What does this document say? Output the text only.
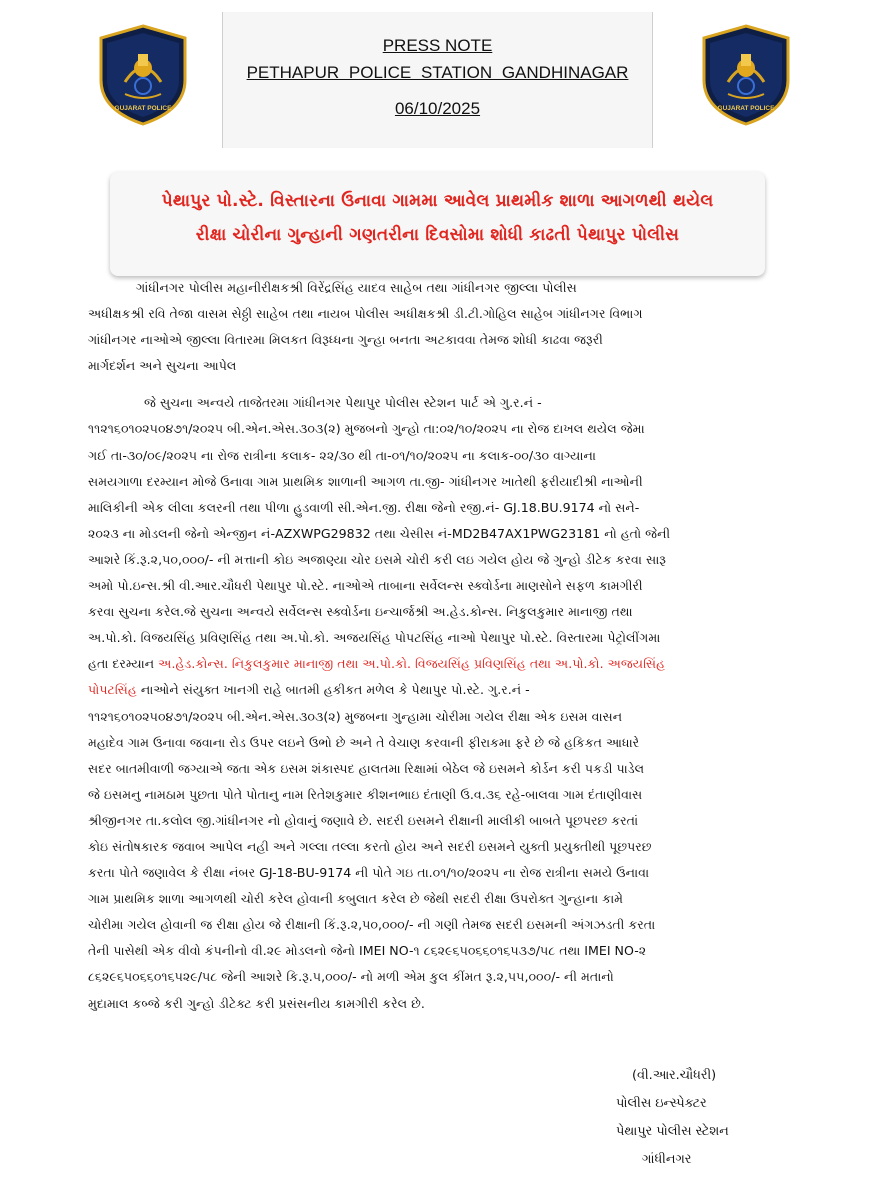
GUJARAT POLICE	GUJARAT POLICE
PRESS NOTE
PETHAPUR POLICE STATION GANDHINAGAR
06/10/2025
પેથાપુર પો.સ્ટે. વિસ્તારના ઉનાવા ગામમા આવેલ પ્રાથમીક શાળા આગળથી થયેલ
રીક્ષા ચોરીના ગુન્હાની ગણતરીના દિવસોમા શોધી કાઢતી પેથાપુર પોલીસ
ગાંધીનગર પોલીસ મહાનીરીક્ષકશ્રી વિરેંદ્રસિંહ યાદવ સાહેબ તથા ગાંધીનગર જીલ્લા પોલીસ
અધીક્ષકશ્રી રવિ તેજા વાસમ સેઠ્ઠી સાહેબ તથા નાયબ પોલીસ અધીક્ષકશ્રી ડી.ટી.ગોહિલ સાહેબ ગાંધીનગર વિભાગ
ગાંધીનગર નાઓએ જીલ્લા વિતારમા મિલકત વિરૂધ્ધના ગુન્હા બનતા અટકાવવા તેમજ શોધી કાઢવા જરૂરી
માર્ગદર્શન અને સુચના આપેલ
જે સુચના અન્વયે તાજેતરમા ગાંધીનગર પેથાપુર પોલીસ સ્ટેશન પાર્ટ એ ગુ.ર.નં -
૧૧૨૧૬૦૧૦૨૫૦૪૭૧/૨૦૨૫ બી.એન.એસ.૩૦૩(૨) મુજબનો ગુન્હો તા:૦૨/૧૦/૨૦૨૫ ના રોજ દાખલ થયેલ જેમા
ગઈ તા-૩૦/૦૯/૨૦૨૫ ના રોજ રાત્રીના કલાક- ૨૨/૩૦ થી તા-૦૧/૧૦/૨૦૨૫ ના કલાક-૦૦/૩૦ વાગ્યાના
સમયગાળા દરમ્યાન મોજે ઉનાવા ગામ પ્રાથમિક શાળાની આગળ તા.જી- ગાંધીનગર ખાતેથી ફરીયાદીશ્રી નાઓની
માલિકીની એક લીલા કલરની તથા પીળા હુડવાળી સી.એન.જી. રીક્ષા જેનો રજી.નં- GJ.18.BU.9174 નો સને-
૨૦૨૩ ના મોડલની જેનો એન્જીન નં-AZXWPG29832 તથા ચેસીસ નં-MD2B47AX1PWG23181 નો હતો જેની
આશરે કિં.રૂ.૨,૫૦,૦૦૦/- ની મત્તાની કોઇ અજાણ્યા ચોર ઇસમે ચોરી કરી લઇ ગયેલ હોય જે ગુન્હો ડીટેક કરવા સારૂ
અમો પો.ઇન્સ.શ્રી વી.આર.ચૌધરી પેથાપુર પો.સ્ટે. નાઓએ તાબાના સર્વેલન્સ સ્ક્વોર્ડના માણસોને સફળ કામગીરી
કરવા સુચના કરેલ.જે સુચના અન્વયે સર્વેલન્સ સ્ક્વોર્ડના ઇન્ચાર્જશ્રી અ.હેડ.કોન્સ. નિકુલકુમાર માનાજી તથા
અ.પો.કો. વિજયસિંહ પ્રવિણસિંહ તથા અ.પો.કો. અજયસિંહ પોપટસિંહ નાઓ પેથાપુર પો.સ્ટે. વિસ્તારમા પેટ્રોલીંગમા
હતા દરમ્યાન અ.હેડ.કોન્સ. નિકુલકુમાર માનાજી તથા અ.પો.કો. વિજયસિંહ પ્રવિણસિંહ તથા અ.પો.કો. અજયસિંહ
પોપટસિંહ નાઓને સંયુક્ત ખાનગી રાહે બાતમી હકીકત મળેલ કે પેથાપુર પો.સ્ટે. ગુ.ર.નં -
૧૧૨૧૬૦૧૦૨૫૦૪૭૧/૨૦૨૫ બી.એન.એસ.૩૦૩(૨) મુજબના ગુન્હામા ચોરીમા ગયેલ રીક્ષા એક ઇસમ વાસન
મહાદેવ ગામ ઉનાવા જવાના રોડ ઉપર લઇને ઉભો છે અને તે વેચાણ કરવાની ફીરાકમા ફરે છે જે હકિકત આધારે
સદર બાતમીવાળી જગ્યાએ જતા એક ઇસમ શંકાસ્પદ હાલતમા રિક્ષામાં બેઠેલ જે ઇસમને કોર્ડન કરી પકડી પાડેલ
જે ઇસમનુ નામઠામ પુછતા પોતે પોતાનુ નામ રિતેશકુમાર કીશનભાઇ દંતાણી ઉ.વ.૩૬ રહે-બાલવા ગામ દંતાણીવાસ
શ્રીજીનગર તા.કલોલ જી.ગાંધીનગર નો હોવાનું જણાવે છે. સદરી ઇસમને રીક્ષાની માલીકી બાબતે પૂછપરછ કરતાં
કોઇ સંતોષકારક જવાબ આપેલ નહી અને ગલ્લા તલ્લા કરતો હોય અને સદરી ઇસમને યુક્તી પ્રયુક્તીથી પૂછપરછ
કરતા પોતે જણાવેલ કે રીક્ષા નંબર GJ-18-BU-9174 ની પોતે ગઇ તા.૦૧/૧૦/૨૦૨૫ ના રોજ રાત્રીના સમયે ઉનાવા
ગામ પ્રાથમિક શાળા આગળથી ચોરી કરેલ હોવાની કબુલાત કરેલ છે જેથી સદરી રીક્ષા ઉપરોક્ત ગુન્હાના કામે
ચોરીમા ગયેલ હોવાની જ રીક્ષા હોય જે રીક્ષાની કિં.રૂ.૨,૫૦,૦૦૦/- ની ગણી તેમજ સદરી ઇસમની અંગઝડતી કરતા
તેની પાસેથી એક વીવો કંપનીનો વી.૨૯ મોડલનો જેનો IMEI NO-૧ ૮૬૨૯૬૫૦૬૬૦૧૬૫૩૭/૫૮ તથા IMEI NO-૨
૮૬૨૯૬૫૦૬૬૦૧૬૫૨૯/૫૮ જેની આશરે કિ.રૂ.૫,૦૦૦/- નો મળી એમ કુલ કીંમત રૂ.૨,૫૫,૦૦૦/- ની મતાનો
મુદામાલ કબ્જે કરી ગુન્હો ડીટેક્ટ કરી પ્રસંસનીય કામગીરી કરેલ છે.
(વી.આર.ચૌધરી)
પોલીસ ઇન્સ્પેક્ટર
પેથાપુર પોલીસ સ્ટેશન
ગાંધીનગર
